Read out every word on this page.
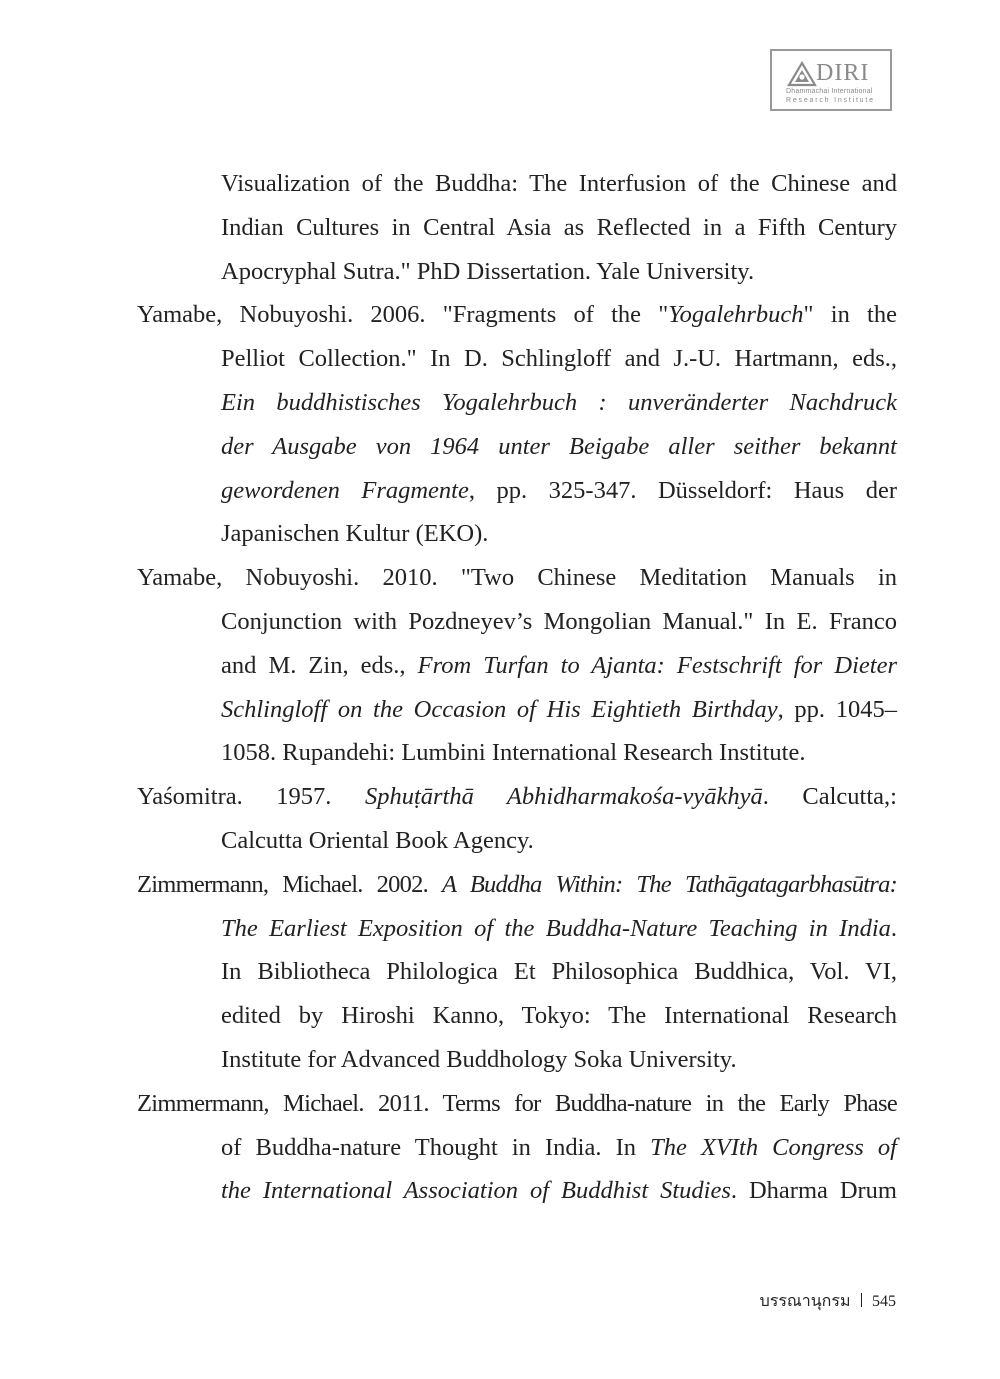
DIRI
Dhammachai International
Research Institute
Visualization of the Buddha: The Interfusion of the Chinese and
Indian Cultures in Central Asia as Reflected in a Fifth Century
Apocryphal Sutra." PhD Dissertation. Yale University.
Yamabe, Nobuyoshi. 2006. "Fragments of the "Yogalehrbuch" in the
Pelliot Collection." In D. Schlingloff and J.-U. Hartmann, eds.,
Ein buddhistisches Yogalehrbuch : unveränderter Nachdruck
der Ausgabe von 1964 unter Beigabe aller seither bekannt
gewordenen Fragmente, pp. 325-347. Düsseldorf: Haus der
Japanischen Kultur (EKO).
Yamabe, Nobuyoshi. 2010. "Two Chinese Meditation Manuals in
Conjunction with Pozdneyev’s Mongolian Manual." In E. Franco
and M. Zin, eds., From Turfan to Ajanta: Festschrift for Dieter
Schlingloff on the Occasion of His Eightieth Birthday, pp. 1045–
1058. Rupandehi: Lumbini International Research Institute.
Yaśomitra. 1957. Sphuṭārthā Abhidharmakośa-vyākhyā. Calcutta,:
Calcutta Oriental Book Agency.
Zimmermann, Michael. 2002. A Buddha Within: The Tathāgatagarbhasūtra:
The Earliest Exposition of the Buddha-Nature Teaching in India.
In Bibliotheca Philologica Et Philosophica Buddhica, Vol. VI,
edited by Hiroshi Kanno, Tokyo: The International Research
Institute for Advanced Buddhology Soka University.
Zimmermann, Michael. 2011. Terms for Buddha-nature in the Early Phase
of Buddha-nature Thought in India. In The XVIth Congress of
the International Association of Buddhist Studies. Dharma Drum
บรรณานุกรม 545
